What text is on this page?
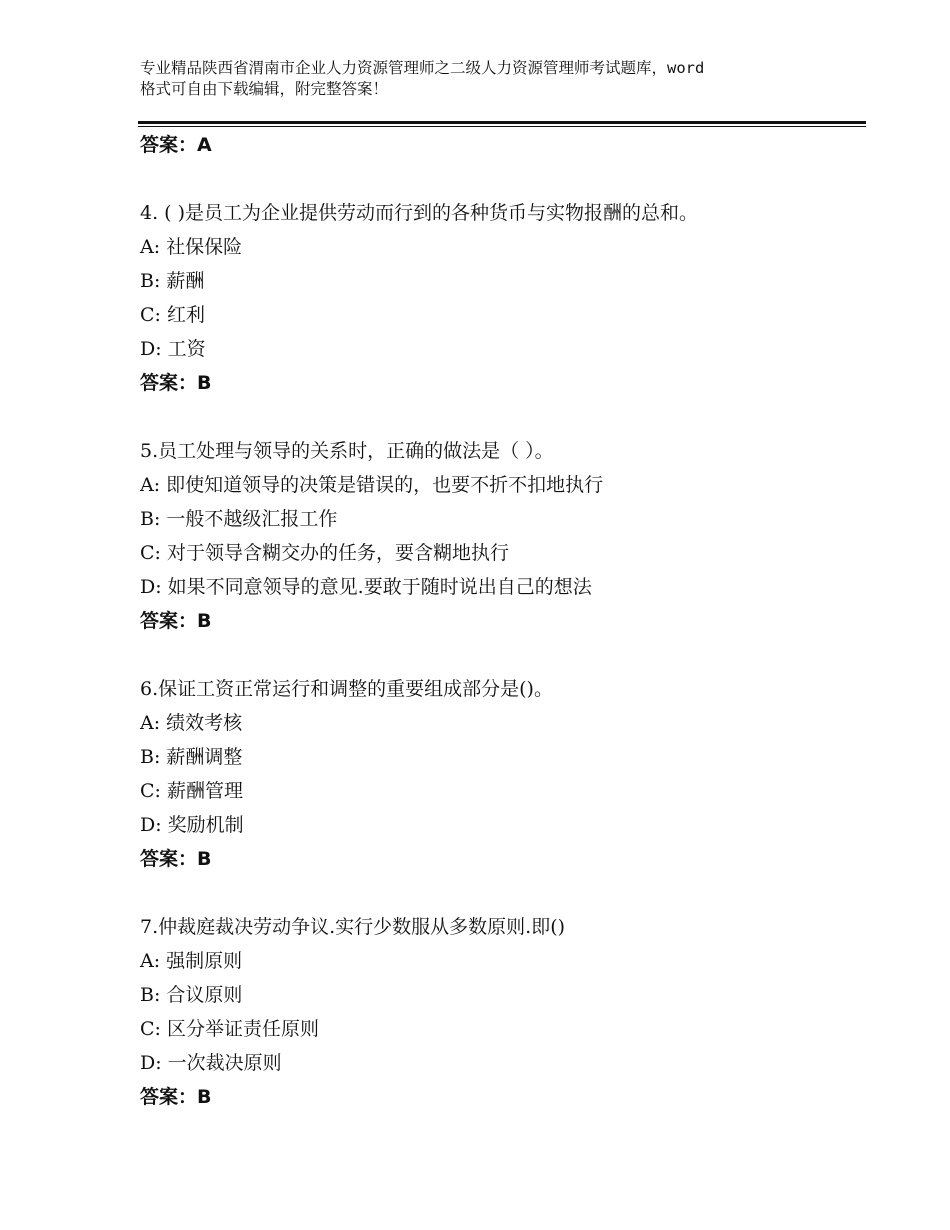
专业精品陕西省渭南市企业人力资源管理师之二级人力资源管理师考试题库，word
格式可自由下载编辑，附完整答案！
答案：A
4. ( )是员工为企业提供劳动而行到的各种货币与实物报酬的总和。
A: 社保保险
B: 薪酬
C: 红利
D: 工资
答案：B
5.员工处理与领导的关系时，正确的做法是（ ）。
A: 即使知道领导的决策是错误的，也要不折不扣地执行
B: 一般不越级汇报工作
C: 对于领导含糊交办的任务，要含糊地执行
D: 如果不同意领导的意见.要敢于随时说出自己的想法
答案：B
6.保证工资正常运行和调整的重要组成部分是()。
A: 绩效考核
B: 薪酬调整
C: 薪酬管理
D: 奖励机制
答案：B
7.仲裁庭裁决劳动争议.实行少数服从多数原则.即()
A: 强制原则
B: 合议原则
C: 区分举证责任原则
D: 一次裁决原则
答案：B
